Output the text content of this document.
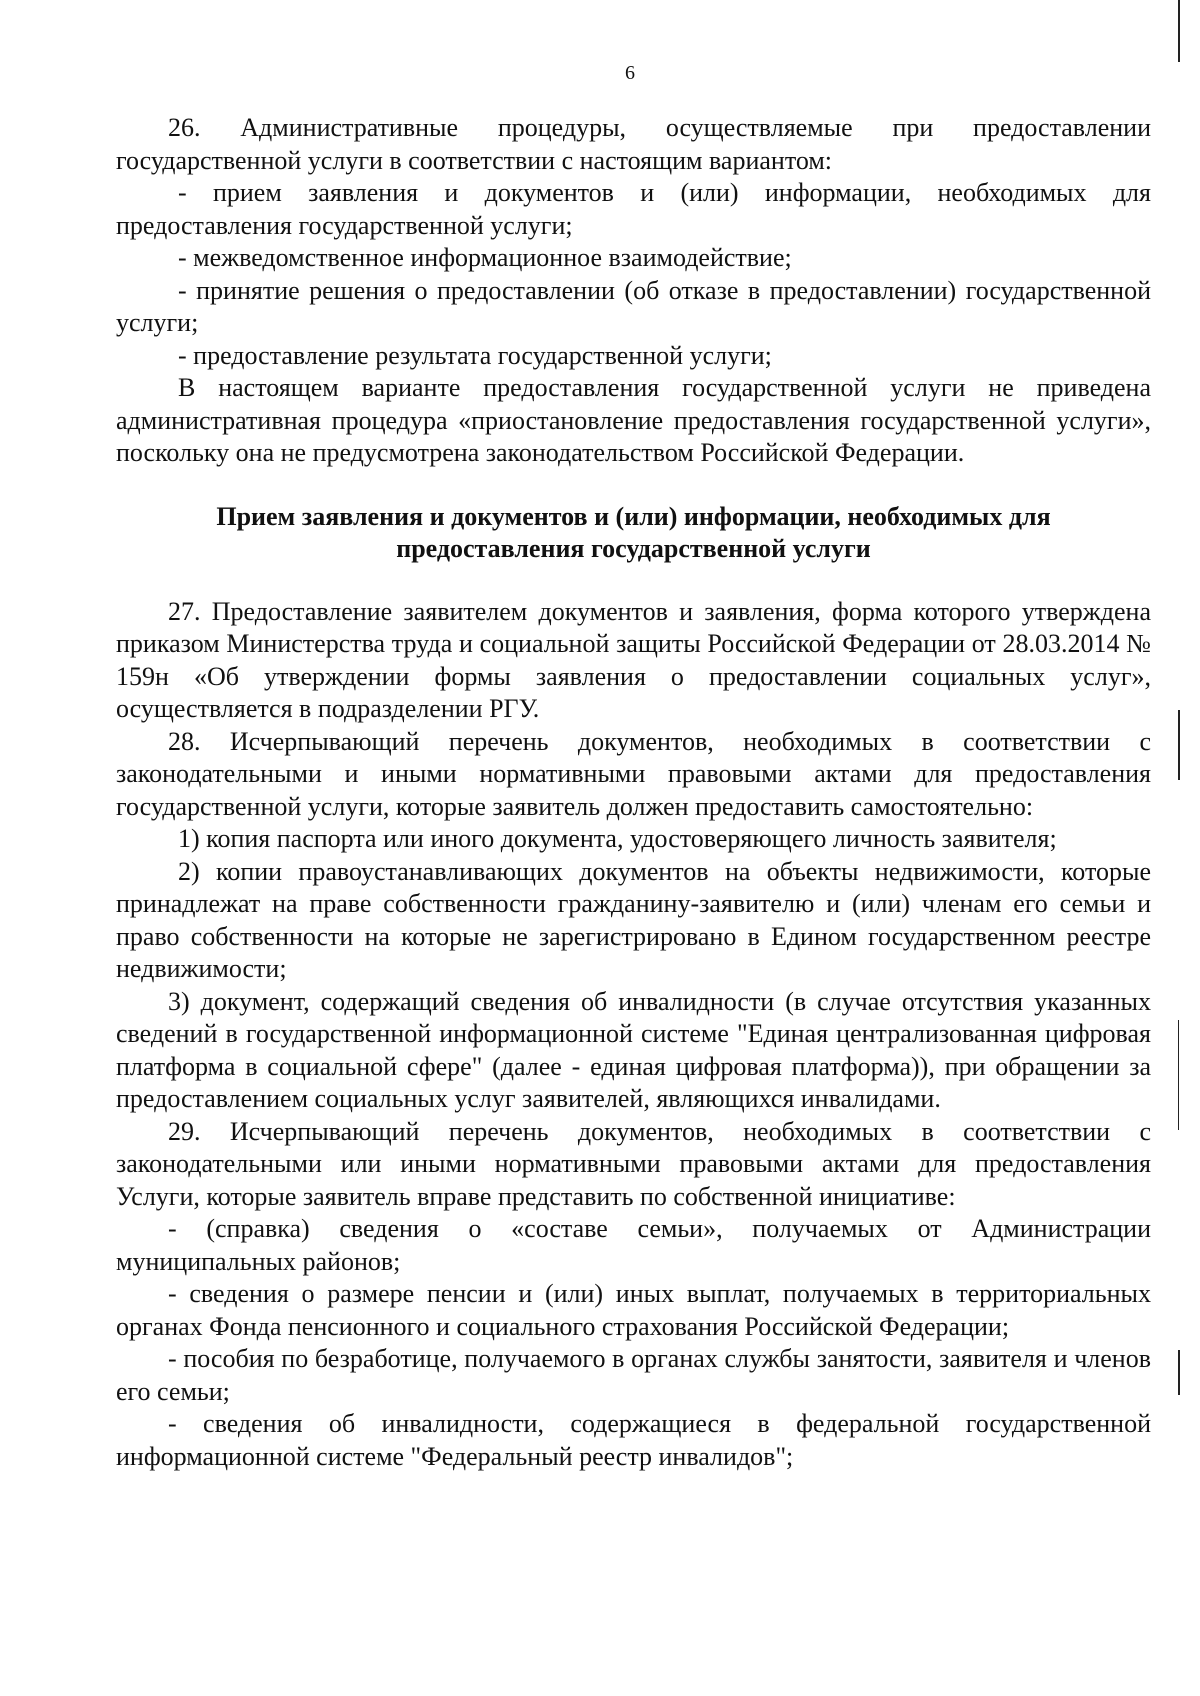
6

26. Административные процедуры, осуществляемые при предоставлении государственной услуги в соответствии с настоящим вариантом:

- прием заявления и документов и (или) информации, необходимых для предоставления государственной услуги;

- межведомственное информационное взаимодействие;

- принятие решения о предоставлении (об отказе в предоставлении) государственной услуги;

- предоставление результата государственной услуги;

В настоящем варианте предоставления государственной услуги не приведена административная процедура «приостановление предоставления государственной услуги», поскольку она не предусмотрена законодательством Российской Федерации.

Прием заявления и документов и (или) информации, необходимых для предоставления государственной услуги

27. Предоставление заявителем документов и заявления, форма которого утверждена приказом Министерства труда и социальной защиты Российской Федерации от 28.03.2014 № 159н «Об утверждении формы заявления о предоставлении социальных услуг», осуществляется в подразделении РГУ.

28. Исчерпывающий перечень документов, необходимых в соответствии с законодательными и иными нормативными правовыми актами для предоставления государственной услуги, которые заявитель должен предоставить самостоятельно:

1) копия паспорта или иного документа, удостоверяющего личность заявителя;

2) копии правоустанавливающих документов на объекты недвижимости, которые принадлежат на праве собственности гражданину-заявителю и (или) членам его семьи и право собственности на которые не зарегистрировано в Едином государственном реестре недвижимости;

3) документ, содержащий сведения об инвалидности (в случае отсутствия указанных сведений в государственной информационной системе "Единая централизованная цифровая платформа в социальной сфере" (далее - единая цифровая платформа)), при обращении за предоставлением социальных услуг заявителей, являющихся инвалидами.

29. Исчерпывающий перечень документов, необходимых в соответствии с законодательными или иными нормативными правовыми актами для предоставления Услуги, которые заявитель вправе представить по собственной инициативе:

- (справка) сведения о «составе семьи», получаемых от Администрации муниципальных районов;

- сведения о размере пенсии и (или) иных выплат, получаемых в территориальных органах Фонда пенсионного и социального страхования Российской Федерации;

- пособия по безработице, получаемого в органах службы занятости, заявителя и членов его семьи;

- сведения об инвалидности, содержащиеся в федеральной государственной информационной системе "Федеральный реестр инвалидов";
